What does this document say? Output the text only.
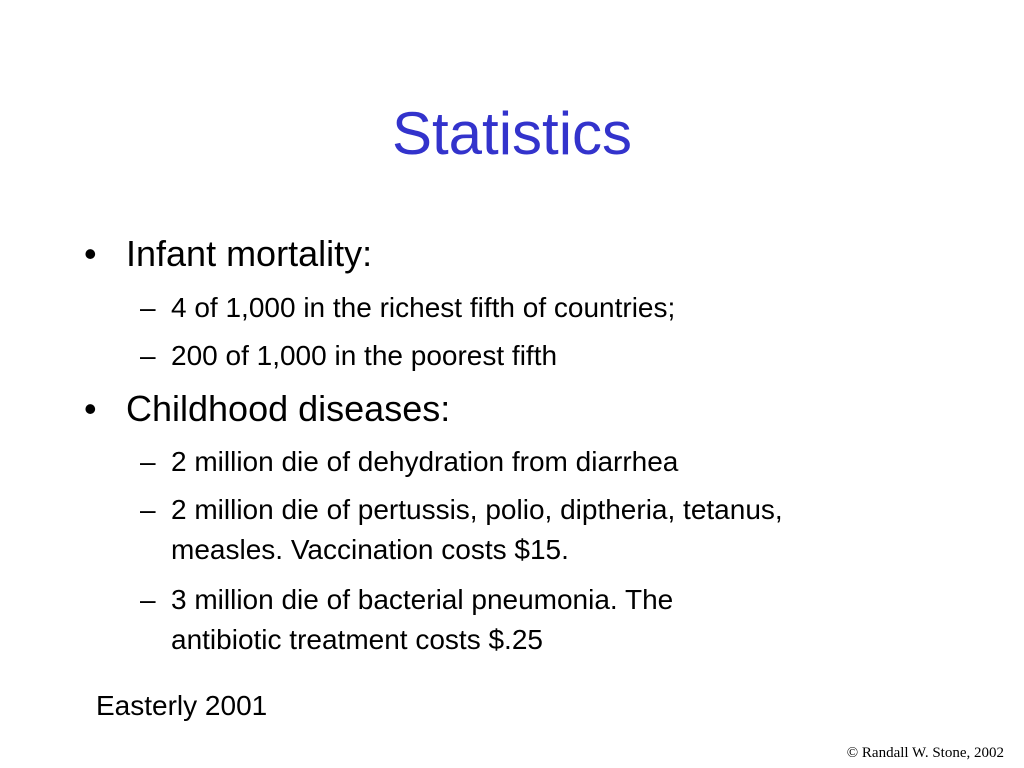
Statistics
• Infant mortality:
– 4 of 1,000 in the richest fifth of countries;
– 200 of 1,000 in the poorest fifth
• Childhood diseases:
– 2 million die of dehydration from diarrhea
– 2 million die of pertussis, polio, diptheria, tetanus,
measles. Vaccination costs $15.
– 3 million die of bacterial pneumonia. The
antibiotic treatment costs $.25
Easterly 2001
© Randall W. Stone, 2002
